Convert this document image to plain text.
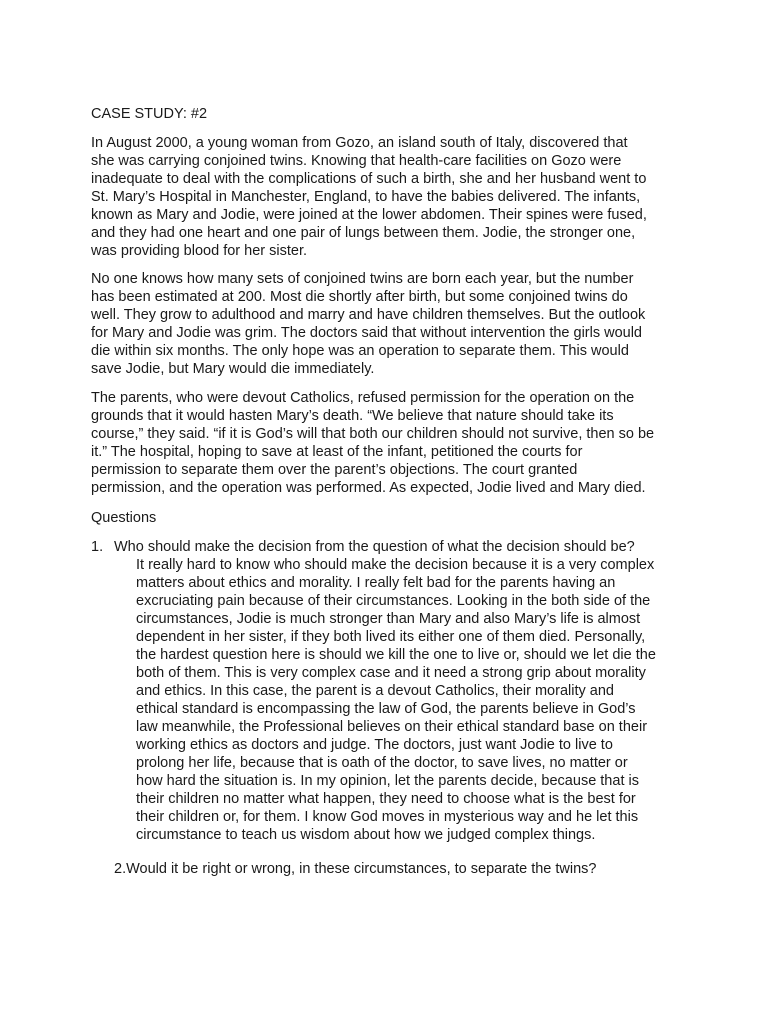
CASE STUDY: #2
In August 2000, a young woman from Gozo, an island south of Italy, discovered that
she was carrying conjoined twins. Knowing that health-care facilities on Gozo were
inadequate to deal with the complications of such a birth, she and her husband went to
St. Mary’s Hospital in Manchester, England, to have the babies delivered. The infants,
known as Mary and Jodie, were joined at the lower abdomen. Their spines were fused,
and they had one heart and one pair of lungs between them. Jodie, the stronger one,
was providing blood for her sister.
No one knows how many sets of conjoined twins are born each year, but the number
has been estimated at 200. Most die shortly after birth, but some conjoined twins do
well. They grow to adulthood and marry and have children themselves. But the outlook
for Mary and Jodie was grim. The doctors said that without intervention the girls would
die within six months. The only hope was an operation to separate them. This would
save Jodie, but Mary would die immediately.
The parents, who were devout Catholics, refused permission for the operation on the
grounds that it would hasten Mary’s death. “We believe that nature should take its
course,” they said. “if it is God’s will that both our children should not survive, then so be
it.” The hospital, hoping to save at least of the infant, petitioned the courts for
permission to separate them over the parent’s objections. The court granted
permission, and the operation was performed. As expected, Jodie lived and Mary died.
Questions
1. Who should make the decision from the question of what the decision should be?
It really hard to know who should make the decision because it is a very complex
matters about ethics and morality. I really felt bad for the parents having an
excruciating pain because of their circumstances. Looking in the both side of the
circumstances, Jodie is much stronger than Mary and also Mary’s life is almost
dependent in her sister, if they both lived its either one of them died. Personally,
the hardest question here is should we kill the one to live or, should we let die the
both of them. This is very complex case and it need a strong grip about morality
and ethics. In this case, the parent is a devout Catholics, their morality and
ethical standard is encompassing the law of God, the parents believe in God’s
law meanwhile, the Professional believes on their ethical standard base on their
working ethics as doctors and judge. The doctors, just want Jodie to live to
prolong her life, because that is oath of the doctor, to save lives, no matter or
how hard the situation is. In my opinion, let the parents decide, because that is
their children no matter what happen, they need to choose what is the best for
their children or, for them. I know God moves in mysterious way and he let this
circumstance to teach us wisdom about how we judged complex things.
2.Would it be right or wrong, in these circumstances, to separate the twins?
